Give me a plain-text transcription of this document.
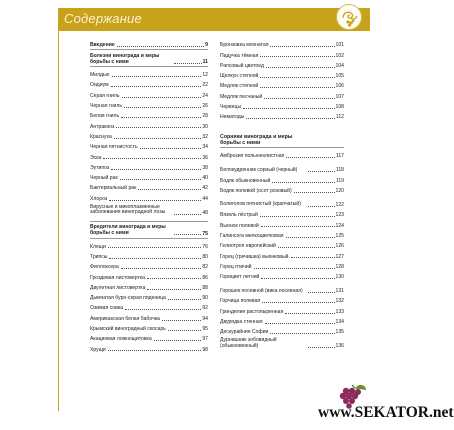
Содержание
Введение	9
Болезни винограда и меры борьбы с ними	11
Милдью	12
Оидиум	22
Серая гниль	24
Черная гниль	26
Белая гниль	28
Антракноз	30
Краснуха	32
Черная пятнистость	34
Эска	36
Эутипоз	38
Черный рак	40
Бактериальный рак	42
Хлороз	44
Вирусные и микоплазменные заболевания виноградной лозы	48
Вредители винограда и меры борьбы с ними	75
Клещи	76
Трипсы	80
Филлоксера	82
Гроздевая листовертка	86
Двулетная листовертка	88
Дымчатая буро-серая пяденица	90
Озимая совка	92
Американская белая бабочка	94
Крымский виноградный скосарь	95
Акациевая ложнощитовка	97
Хрущи	98
Бронзовка мохнатая	101
Падучка тёмная	102
Рапсовый цветоед	104
Щелкун степной	105
Медляк степной	106
Медляк песчаный	107
Червецы	108
Нематоды	112
Сорняки винограда и меры борьбы с ними
Амброзия полыннолистная	117
Белокудренник сорный (черный)	118
Бодяк обыкновенный	119
Бодяк полевой (осот розовый)	120
Болиголов пятнистый (крапчатый)	122
Вязель пёстрый	123
Вьюнок полевой	124
Галинсога мелкоцветковая	125
Гелиотроп европейский	126
Горец (гречишка) вьюнковый	127
Горец птичий	128
Горицвет летний	130
Горошек посевной (вика посевная)	131
Горчица полевая	132
Гринделия растопыренная	133
Двурядка стенная	134
Дескурайния Софии	135
Дурнишник зобовидный (обыкновенный)	136
www.SEKATOR.net
